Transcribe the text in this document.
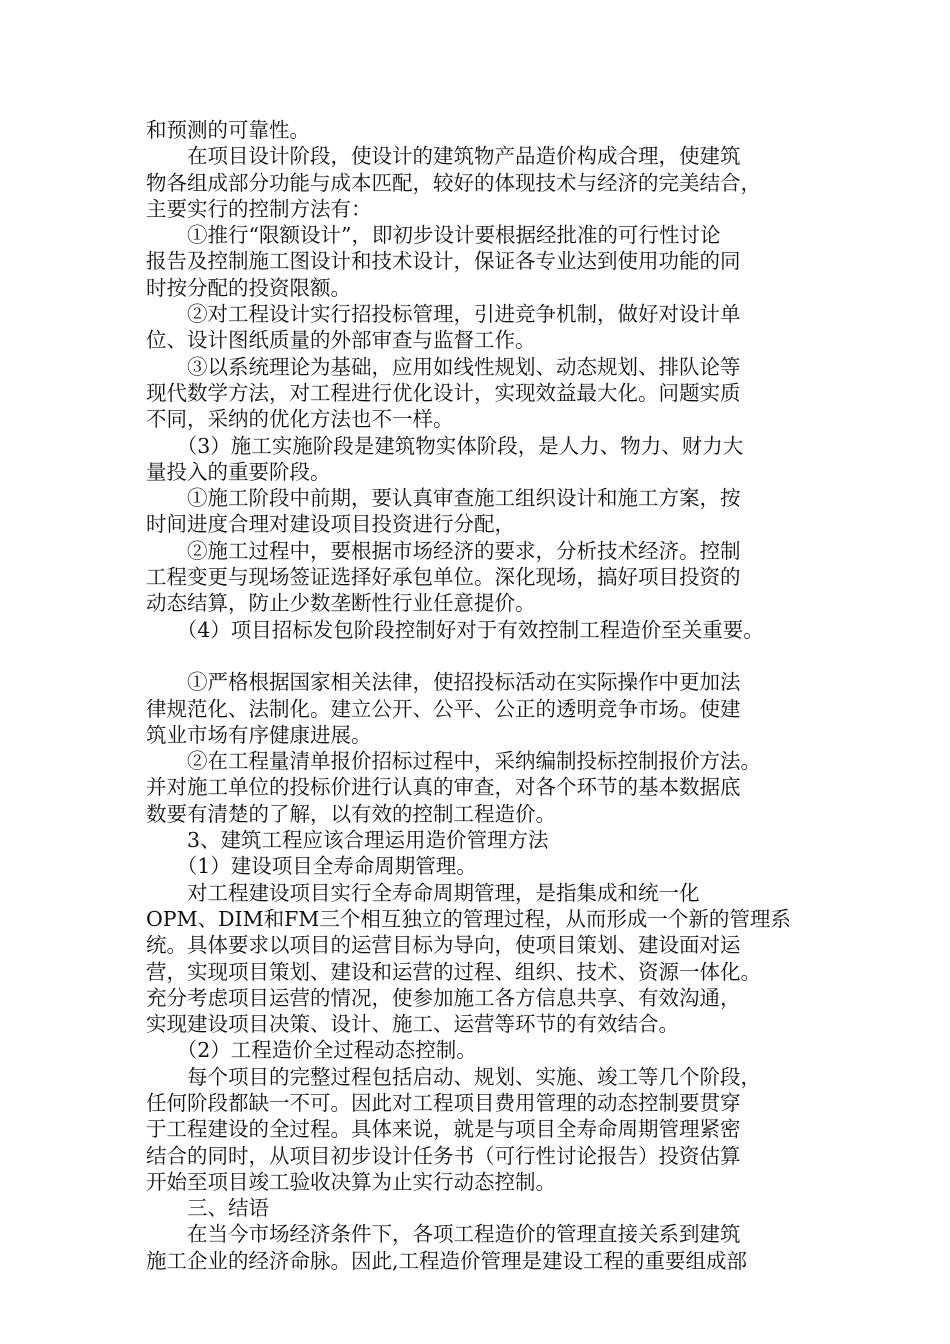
和预测的可靠性。
　　在项目设计阶段，使设计的建筑物产品造价构成合理，使建筑
物各组成部分功能与成本匹配，较好的体现技术与经济的完美结合，
主要实行的控制方法有：
　　①推行“限额设计”，即初步设计要根据经批准的可行性讨论
报告及控制施工图设计和技术设计，保证各专业达到使用功能的同
时按分配的投资限额。
　　②对工程设计实行招投标管理，引进竞争机制，做好对设计单
位、设计图纸质量的外部审查与监督工作。
　　③以系统理论为基础，应用如线性规划、动态规划、排队论等
现代数学方法，对工程进行优化设计，实现效益最大化。问题实质
不同，采纳的优化方法也不一样。
　　（3）施工实施阶段是建筑物实体阶段，是人力、物力、财力大
量投入的重要阶段。
　　①施工阶段中前期，要认真审查施工组织设计和施工方案，按
时间进度合理对建设项目投资进行分配，
　　②施工过程中，要根据市场经济的要求，分析技术经济。控制
工程变更与现场签证选择好承包单位。深化现场，搞好项目投资的
动态结算，防止少数垄断性行业任意提价。
　　（4）项目招标发包阶段控制好对于有效控制工程造价至关重要。
　　①严格根据国家相关法律，使招投标活动在实际操作中更加法
律规范化、法制化。建立公开、公平、公正的透明竞争市场。使建
筑业市场有序健康进展。
　　②在工程量清单报价招标过程中，采纳编制投标控制报价方法。
并对施工单位的投标价进行认真的审查，对各个环节的基本数据底
数要有清楚的了解，以有效的控制工程造价。
　　3、建筑工程应该合理运用造价管理方法
　　（1）建设项目全寿命周期管理。
　　对工程建设项目实行全寿命周期管理，是指集成和统一化
OPM、DIM和FM三个相互独立的管理过程，从而形成一个新的管理系
统。具体要求以项目的运营目标为导向，使项目策划、建设面对运
营，实现项目策划、建设和运营的过程、组织、技术、资源一体化。
充分考虑项目运营的情况，使参加施工各方信息共享、有效沟通，
实现建设项目决策、设计、施工、运营等环节的有效结合。
　　（2）工程造价全过程动态控制。
　　每个项目的完整过程包括启动、规划、实施、竣工等几个阶段，
任何阶段都缺一不可。因此对工程项目费用管理的动态控制要贯穿
于工程建设的全过程。具体来说，就是与项目全寿命周期管理紧密
结合的同时，从项目初步设计任务书（可行性讨论报告）投资估算
开始至项目竣工验收决算为止实行动态控制。
　　三、结语
　　在当今市场经济条件下，各项工程造价的管理直接关系到建筑
施工企业的经济命脉。因此,工程造价管理是建设工程的重要组成部
